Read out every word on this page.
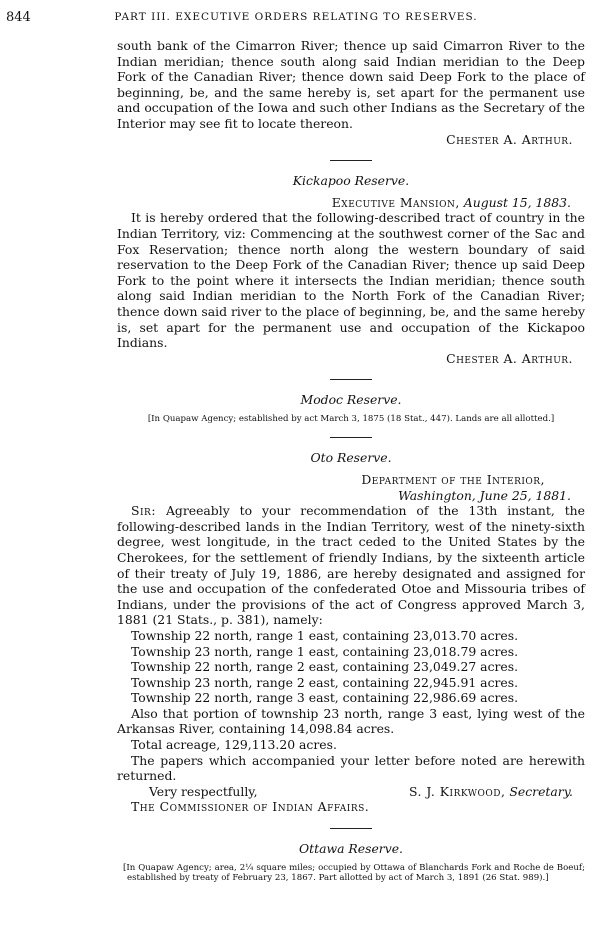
844	PART III. EXECUTIVE ORDERS RELATING TO RESERVES.

south bank of the Cimarron River; thence up said Cimarron River to the Indian meridian; thence south along said Indian meridian to the Deep Fork of the Canadian River; thence down said Deep Fork to the place of beginning, be, and the same hereby is, set apart for the permanent use and occupation of the Iowa and such other Indians as the Secretary of the Interior may see fit to locate thereon.

Chester A. Arthur.

Kickapoo Reserve.

Executive Mansion, August 15, 1883.

It is hereby ordered that the following-described tract of country in the Indian Territory, viz: Commencing at the southwest corner of the Sac and Fox Reservation; thence north along the western boundary of said reservation to the Deep Fork of the Canadian River; thence up said Deep Fork to the point where it intersects the Indian meridian; thence south along said Indian meridian to the North Fork of the Canadian River; thence down said river to the place of beginning, be, and the same hereby is, set apart for the permanent use and occupation of the Kickapoo Indians.

Chester A. Arthur.

Modoc Reserve.

[In Quapaw Agency; established by act March 3, 1875 (18 Stat., 447). Lands are all allotted.]

Oto Reserve.

Department of the Interior,

Washington, June 25, 1881.

Sir: Agreeably to your recommendation of the 13th instant, the following-described lands in the Indian Territory, west of the ninety-sixth degree, west longitude, in the tract ceded to the United States by the Cherokees, for the settlement of friendly Indians, by the sixteenth article of their treaty of July 19, 1886, are hereby designated and assigned for the use and occupation of the confederated Otoe and Missouria tribes of Indians, under the provisions of the act of Congress approved March 3, 1881 (21 Stats., p. 381), namely:

Township 22 north, range 1 east, containing 23,013.70 acres.
Township 23 north, range 1 east, containing 23,018.79 acres.
Township 22 north, range 2 east, containing 23,049.27 acres.
Township 23 north, range 2 east, containing 22,945.91 acres.
Township 22 north, range 3 east, containing 22,986.69 acres.

Also that portion of township 23 north, range 3 east, lying west of the Arkansas River, containing 14,098.84 acres.

Total acreage, 129,113.20 acres.

The papers which accompanied your letter before noted are herewith returned.

Very respectfully,	S. J. Kirkwood, Secretary.

The Commissioner of Indian Affairs.

Ottawa Reserve.

[In Quapaw Agency; area, 2¼ square miles; occupied by Ottawa of Blanchards Fork and Roche de Boeuf; established by treaty of February 23, 1867. Part allotted by act of March 3, 1891 (26 Stat. 989).]
